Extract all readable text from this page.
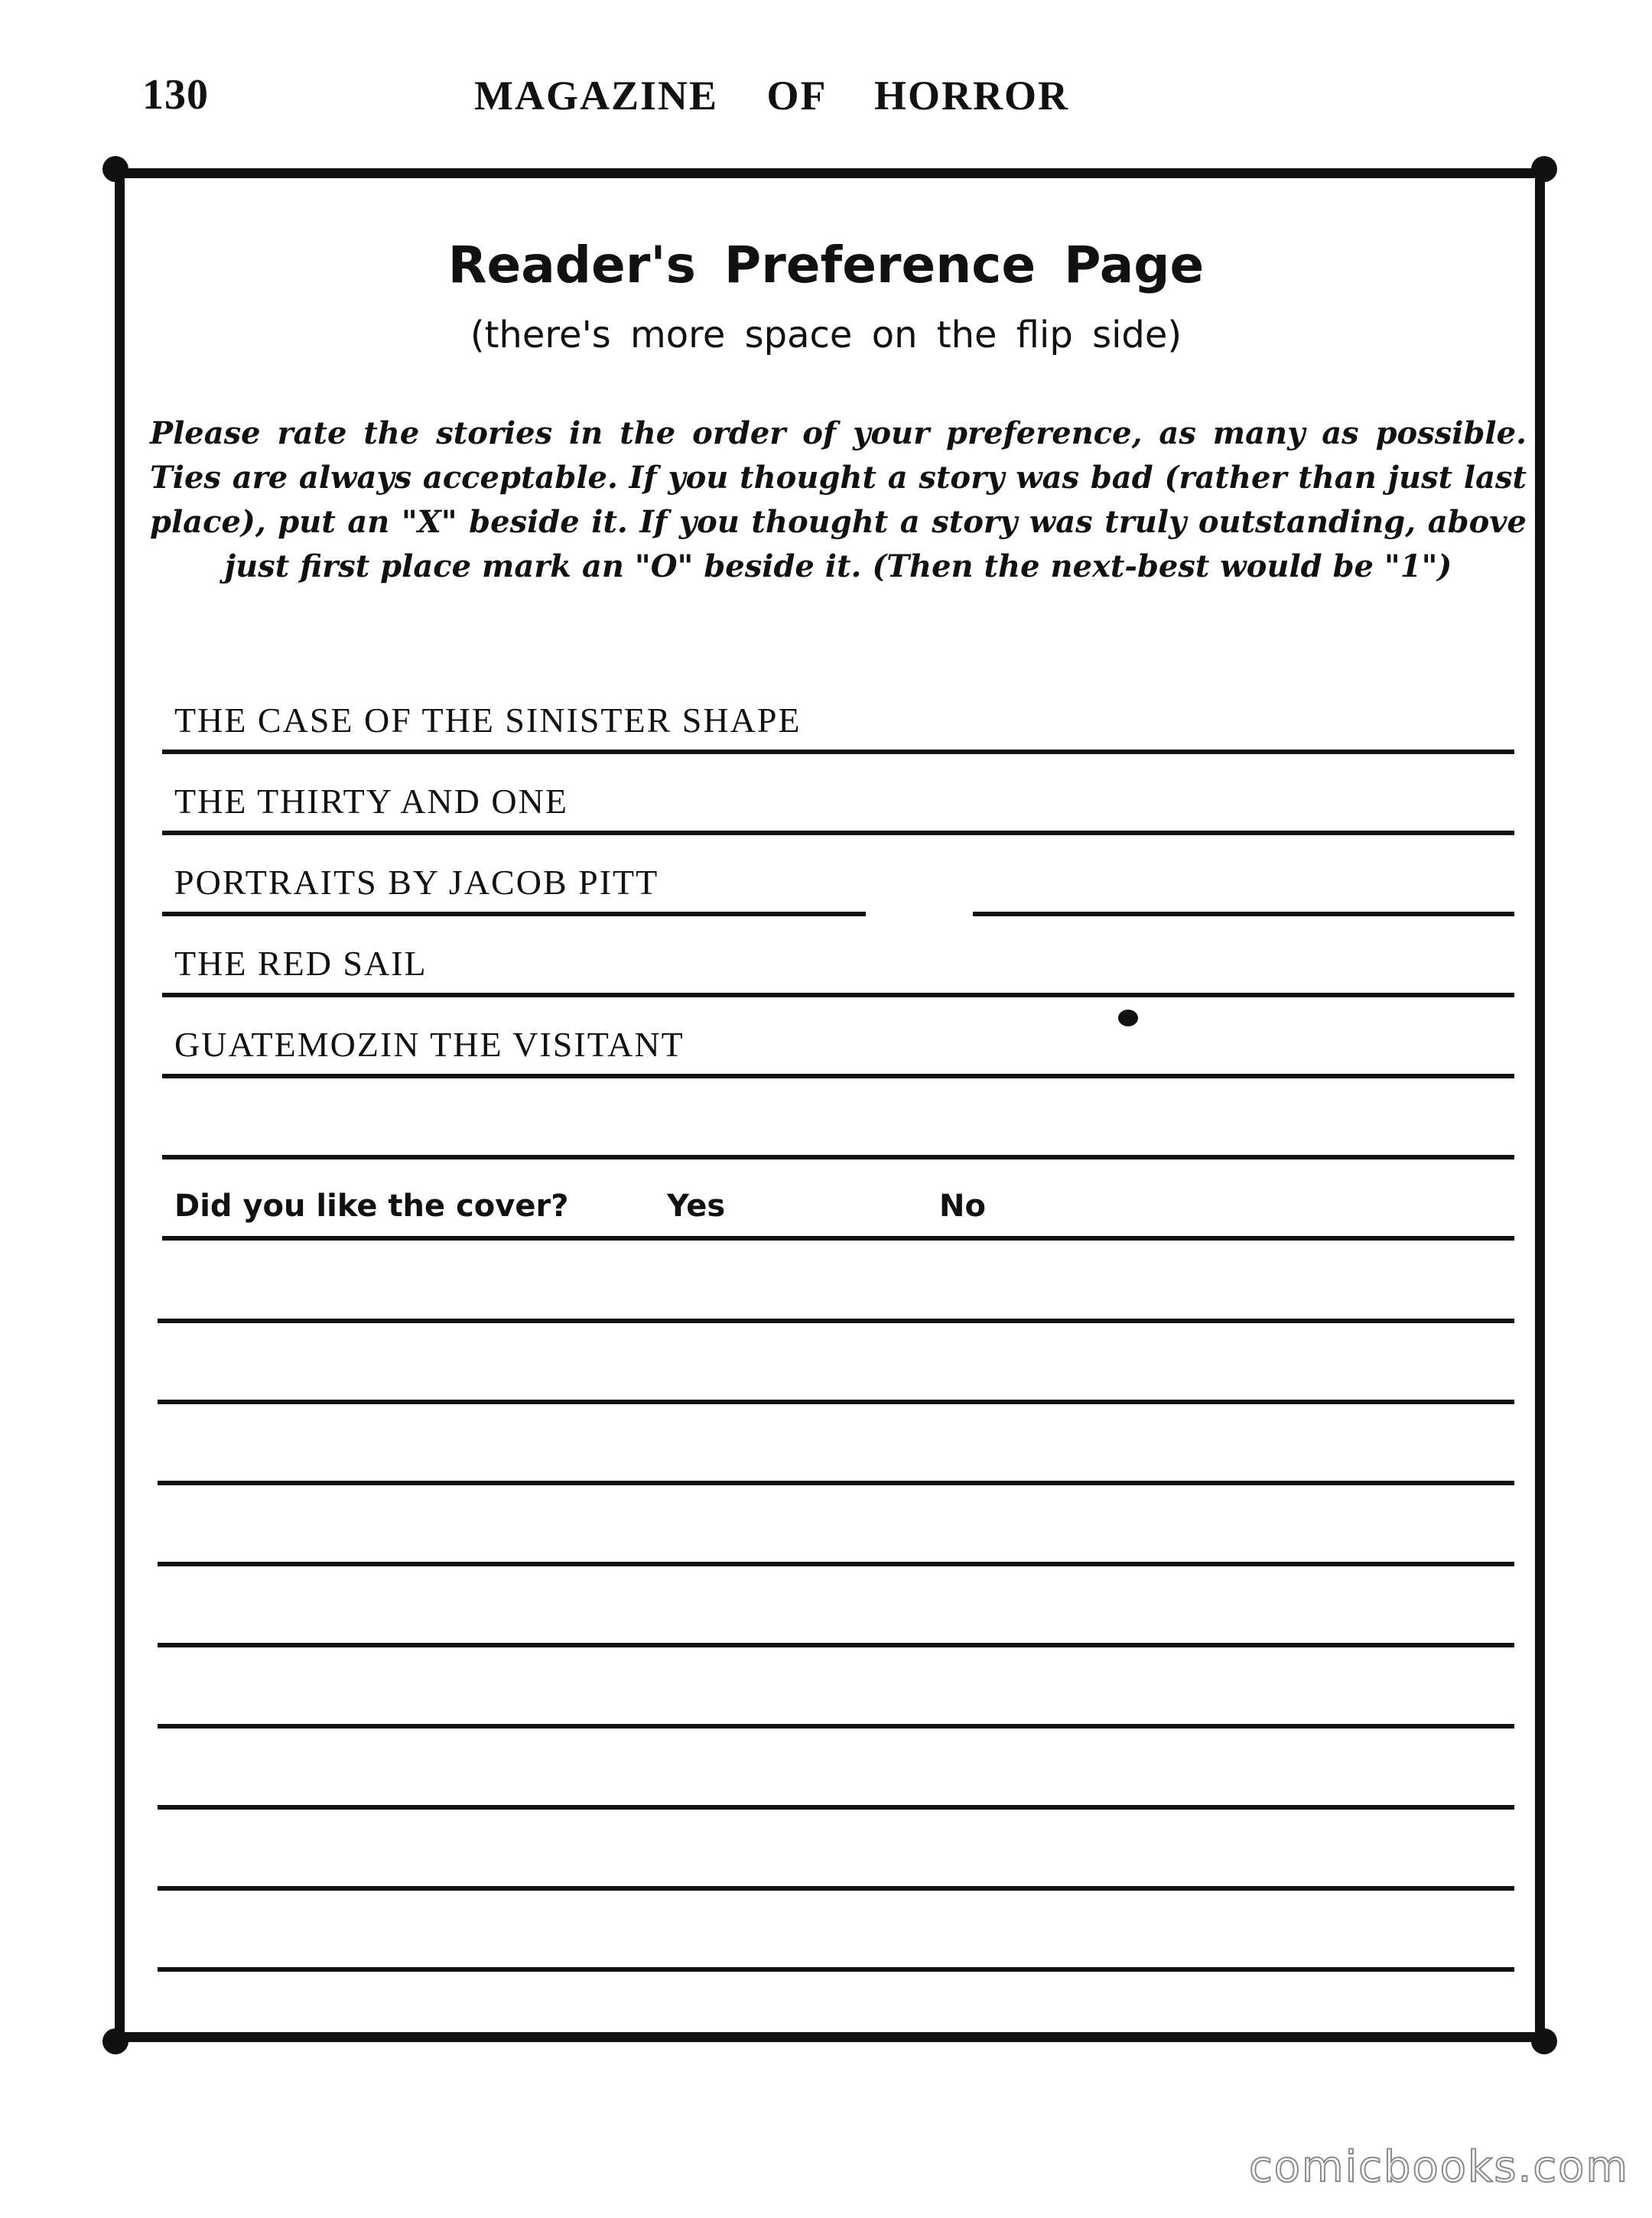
130	MAGAZINE OF HORROR
Reader's Preference Page
(there's more space on the flip side)
Please rate the stories in the order of your preference, as many as possible. Ties are always acceptable. If you thought a story was bad (rather than just last place), put an "X" beside it. If you thought a story was truly outstanding, above just first place mark an "O" beside it. (Then the next-best would be "1")
THE CASE OF THE SINISTER SHAPE
THE THIRTY AND ONE
PORTRAITS BY JACOB PITT
THE RED SAIL
GUATEMOZIN THE VISITANT
Did you like the cover?	Yes	No
comicbooks.com
